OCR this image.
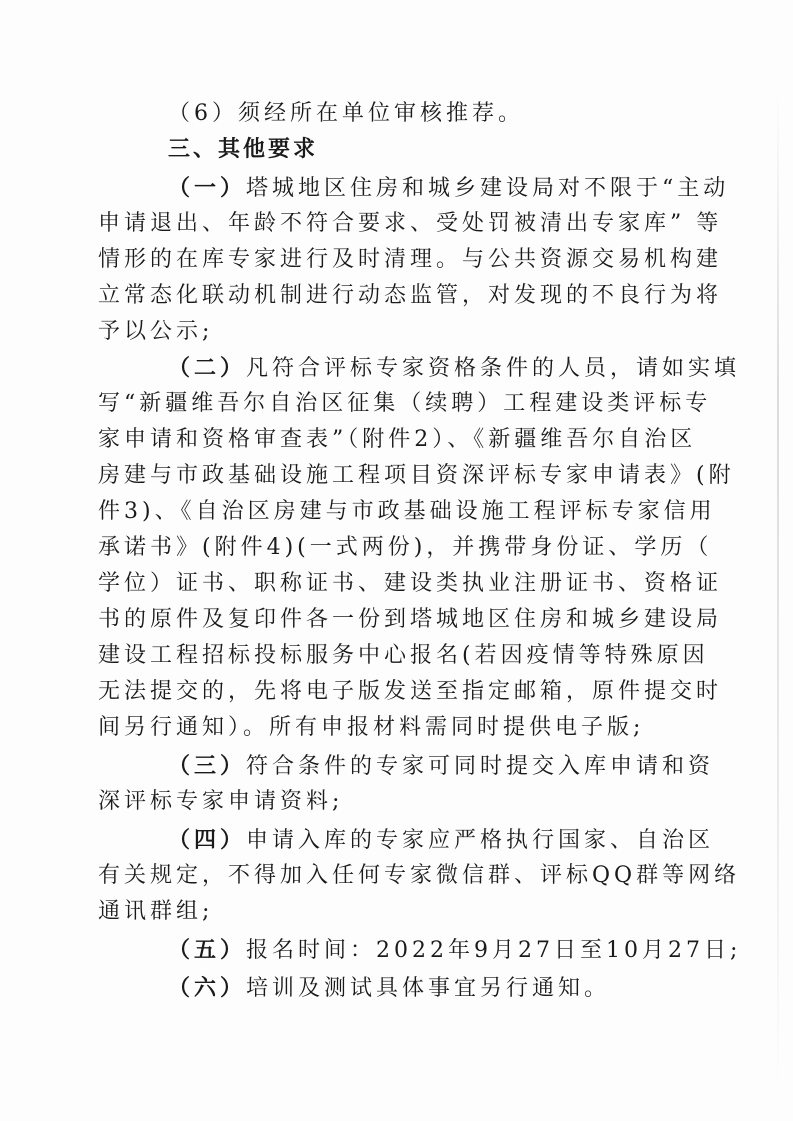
（6）须经所在单位审核推荐。
三、其他要求
（一）塔城地区住房和城乡建设局对不限于“主动
申请退出、年龄不符合要求、受处罚被清出专家库” 等
情形的在库专家进行及时清理。与公共资源交易机构建
立常态化联动机制进行动态监管，对发现的不良行为将
予以公示;
（二）凡符合评标专家资格条件的人员，请如实填
写“新疆维吾尔自治区征集（续聘）工程建设类评标专
家申请和资格审查表”（附件2）、《新疆维吾尔自治区
房建与市政基础设施工程项目资深评标专家申请表》(附
件3)、《自治区房建与市政基础设施工程评标专家信用
承诺书》(附件4)(一式两份)，并携带身份证、学历（
学位）证书、职称证书、建设类执业注册证书、资格证
书的原件及复印件各一份到塔城地区住房和城乡建设局
建设工程招标投标服务中心报名(若因疫情等特殊原因
无法提交的，先将电子版发送至指定邮箱，原件提交时
间另行通知）。所有申报材料需同时提供电子版;
（三）符合条件的专家可同时提交入库申请和资
深评标专家申请资料;
（四）申请入库的专家应严格执行国家、自治区
有关规定，不得加入任何专家微信群、评标QQ群等网络
通讯群组;
（五）报名时间：2022年9月27日至10月27日;
（六）培训及测试具体事宜另行通知。
